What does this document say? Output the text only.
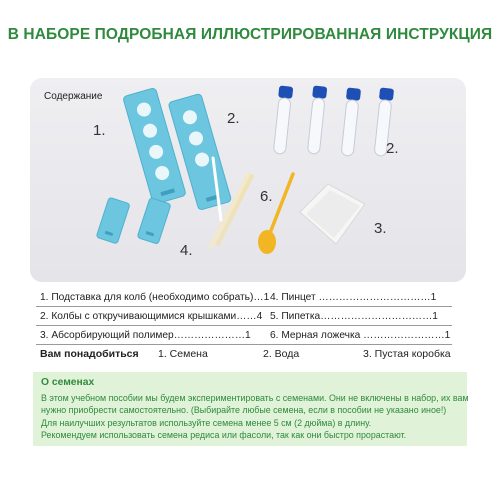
В НАБОРЕ ПОДРОБНАЯ ИЛЛЮСТРИРОВАННАЯ ИНСТРУКЦИЯ
Содержание
1.
2.
2.
3.
4.
6.
1. Подставка для колб (необходимо собрать)…1
2. Колбы с откручивающимися крышками……4
3. Абсорбирующий полимер…………………1
4. Пинцет ……………………………1
5. Пипетка……………………………1
6. Мерная ложечка ……………………1
Вам понадобиться 1. Семена	2. Вода	3. Пустая коробка
О семенах
В этом учебном пособии мы будем экспериментировать с семенами. Они не включены в набор, их вам
нужно приобрести самостоятельно. (Выбирайте любые семена, если в пособии не указано иное!)
Для наилучших результатов используйте семена менее 5 см (2 дюйма) в длину.
Рекомендуем использовать семена редиса или фасоли, так как они быстро прорастают.
